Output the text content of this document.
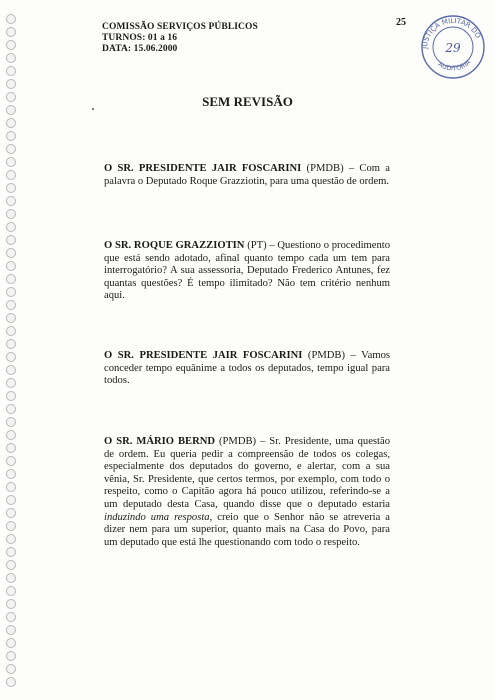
COMISSÃO SERVIÇOS PÚBLICOS
TURNOS: 01 a 16
DATA: 15.06.2000
25
JUSTIÇA MILITAR DO
AUDITORIA
29
SEM REVISÃO
O SR. PRESIDENTE JAIR FOSCARINI (PMDB) – Com a palavra o Deputado Roque Grazziotin, para uma questão de ordem.
O SR. ROQUE GRAZZIOTIN (PT) – Questiono o procedimento que está sendo adotado, afinal quanto tempo cada um tem para interrogatório? A sua assessoria, Deputado Frederico Antunes, fez quantas questões? É tempo ilimitado? Não tem critério nenhum aqui.
O SR. PRESIDENTE JAIR FOSCARINI (PMDB) – Vamos conceder tempo equânime a todos os deputados, tempo igual para todos.
O SR. MÁRIO BERND (PMDB) – Sr. Presidente, uma questão de ordem. Eu queria pedir a compreensão de todos os colegas, especialmente dos deputados do governo, e alertar, com a sua vênia, Sr. Presidente, que certos termos, por exemplo, com todo o respeito, como o Capitão agora há pouco utilizou, referindo-se a um deputado desta Casa, quando disse que o deputado estaria induzindo uma resposta, creio que o Senhor não se atreveria a dizer nem para um superior, quanto mais na Casa do Povo, para um deputado que está lhe questionando com todo o respeito.
